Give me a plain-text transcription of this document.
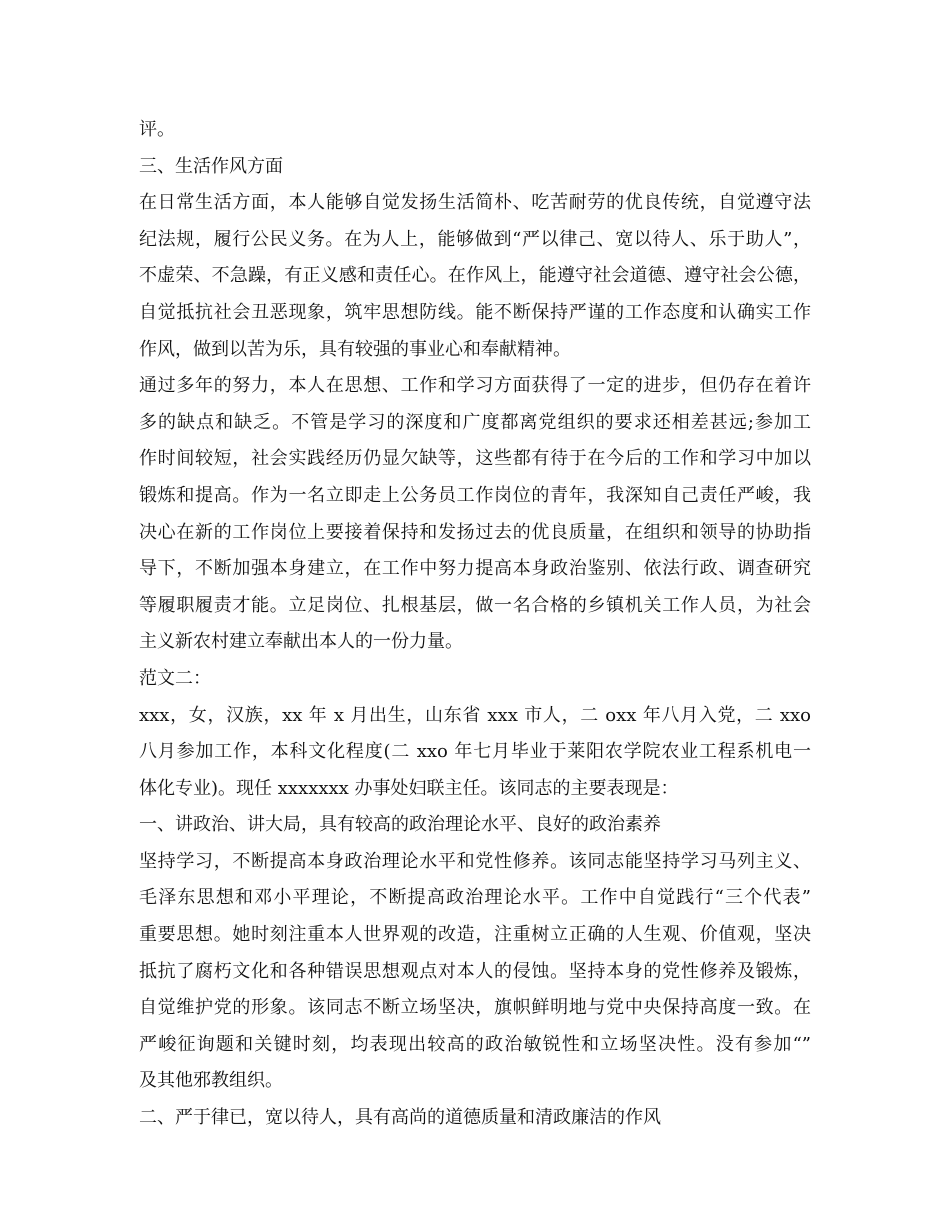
评。
三、生活作风方面
在日常生活方面，本人能够自觉发扬生活简朴、吃苦耐劳的优良传统，自觉遵守法
纪法规，履行公民义务。在为人上，能够做到“严以律己、宽以待人、乐于助人”，
不虚荣、不急躁，有正义感和责任心。在作风上，能遵守社会道德、遵守社会公德，
自觉抵抗社会丑恶现象，筑牢思想防线。能不断保持严谨的工作态度和认确实工作
作风，做到以苦为乐，具有较强的事业心和奉献精神。
通过多年的努力，本人在思想、工作和学习方面获得了一定的进步，但仍存在着许
多的缺点和缺乏。不管是学习的深度和广度都离党组织的要求还相差甚远;参加工
作时间较短，社会实践经历仍显欠缺等，这些都有待于在今后的工作和学习中加以
锻炼和提高。作为一名立即走上公务员工作岗位的青年，我深知自己责任严峻，我
决心在新的工作岗位上要接着保持和发扬过去的优良质量，在组织和领导的协助指
导下，不断加强本身建立，在工作中努力提高本身政治鉴别、依法行政、调查研究
等履职履责才能。立足岗位、扎根基层，做一名合格的乡镇机关工作人员，为社会
主义新农村建立奉献出本人的一份力量。
范文二：
xxx，女，汉族，xx 年 x 月出生，山东省 xxx 市人，二 oxx 年八月入党，二 xxo
八月参加工作，本科文化程度(二 xxo 年七月毕业于莱阳农学院农业工程系机电一
体化专业)。现任 xxxxxxx 办事处妇联主任。该同志的主要表现是：
一、讲政治、讲大局，具有较高的政治理论水平、良好的政治素养
坚持学习，不断提高本身政治理论水平和党性修养。该同志能坚持学习马列主义、
毛泽东思想和邓小平理论，不断提高政治理论水平。工作中自觉践行“三个代表”
重要思想。她时刻注重本人世界观的改造，注重树立正确的人生观、价值观，坚决
抵抗了腐朽文化和各种错误思想观点对本人的侵蚀。坚持本身的党性修养及锻炼，
自觉维护党的形象。该同志不断立场坚决，旗帜鲜明地与党中央保持高度一致。在
严峻征询题和关键时刻，均表现出较高的政治敏锐性和立场坚决性。没有参加“”
及其他邪教组织。
二、严于律已，宽以待人，具有高尚的道德质量和清政廉洁的作风
